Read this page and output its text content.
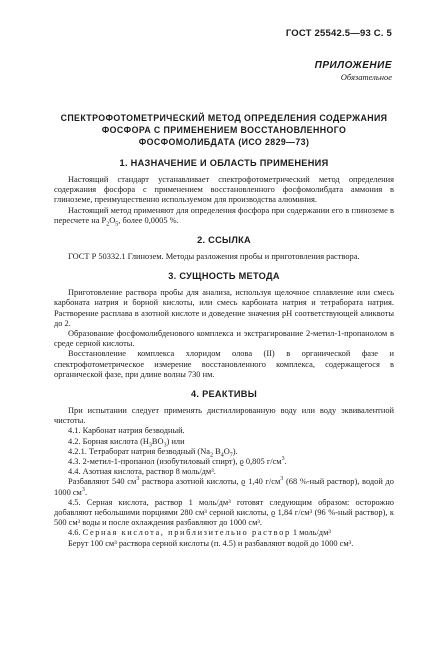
ГОСТ 25542.5—93 С. 5
ПРИЛОЖЕНИЕ
Обязательное
СПЕКТРОФОТОМЕТРИЧЕСКИЙ МЕТОД ОПРЕДЕЛЕНИЯ СОДЕРЖАНИЯ
ФОСФОРА С ПРИМЕНЕНИЕМ ВОССТАНОВЛЕННОГО
ФОСФОМОЛИБДАТА (ИСО 2829—73)
1. НАЗНАЧЕНИЕ И ОБЛАСТЬ ПРИМЕНЕНИЯ

Настоящий стандарт устанавливает спектрофотометрический метод определения содержания фосфора с применением восстановленного фосфомолибдата аммония в глиноземе, преимущественно используемом для производства алюминия.

Настоящий метод применяют для определения фосфора при содержании его в глиноземе в пересчете на $P_2O_5$, более 0,0005 %.

2. ССЫЛКА

ГОСТ Р 50332.1 Глинозем. Методы разложения пробы и приготовления раствора.

3. СУЩНОСТЬ МЕТОДА

Приготовление раствора пробы для анализа, используя щелочное сплавление или смесь карбоната натрия и борной кислоты, или смесь карбоната натрия и тетрабората натрия. Растворение расплава в азотной кислоте и доведение значения pH соответствующей аликвоты до 2.

Образование фосфомолибденового комплекса и экстрагирование 2-метил-1-пропанолом в среде серной кислоты.

Восстановление комплекса хлоридом олова (II) в органической фазе и спектрофотометрическое измерение восстановленного комплекса, содержащегося в органической фазе, при длине волны 730 нм.

4. РЕАКТИВЫ

При испытании следует применять дистиллированную воду или воду эквивалентной чистоты.

4.1. Карбонат натрия безводный.

4.2. Борная кислота $(H_3BO_3)$ или

4.2.1. Тетраборат натрия безводный ($Na_2$ $B_4O_7$).

4.3. 2-метил-1-пропанол (изобутиловый спирт), ϱ 0,805 $г/см^3$.

4.4. Азотная кислота, раствор 8 моль/дм³.

Разбавляют 540 $см^3$ раствора азотной кислоты, ϱ 1,40 $г/см^3$ (68 %-ный раствор), водой до 1000 $см^3$.

4.5. Серная кислота, раствор 1 моль/дм³ готовят следующим образом: осторожно добавляют небольшими порциями 280 см³ серной кислоты, ϱ 1,84 г/см³ (96 %-ный раствор), к 500 см³ воды и после охлаждения разбавляют до 1000 см³.

4.6. Серная кислота, приблизительно раствор 1 моль/дм³

Берут 100 см³ раствора серной кислоты (п. 4.5) и разбавляют водой до 1000 см³.
